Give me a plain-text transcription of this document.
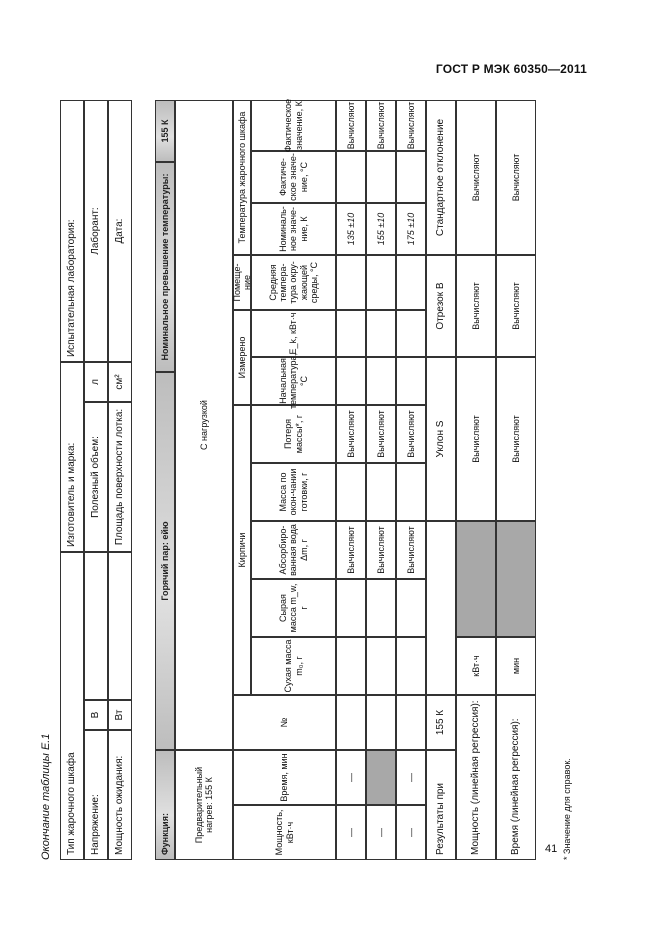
ГОСТ Р МЭК 60350—2011
41
Окончание таблицы Е.1	Тип жарочного шкафа
Изготовитель и марка:
Испытательная лаборатория:
Напряжение:
В
Полезный объем:
л
Лаборант:
Мощность ожидания:
Вт
Площадь поверхности лотка:
см²
Дата:
Функция:
Горячий пар: ейю
Номинальное превышение температуры:
155 К
Предварительный нагрев: 155 К
С нагрузкой
Мощность, кВт·ч
Время, мин
№
Кирпичи
Измерено
Помеще-ние
Температура жарочного шкафа
Сухая масса m₀, г
Сырая масса m_w, г
Абсорбиро-ванная вода Δm, г
Масса по окон-чании готовки, г
Потеря массы*, г
Начальная температура, °С
E_k, кВт·ч
Средняя темпера-тура окру-жающей среды, °С
Номиналь-ное значе-ние, К
Фактиче-ское значе-ние, °С
Фактическое значение, К
—
—
Вычисляют
Вычисляют
135 ±10
Вычисляют
—
Вычисляют
Вычисляют
155 ±10
Вычисляют
—
—
Вычисляют
Вычисляют
175 ±10
Вычисляют
Результаты при
155 К
Уклон S
Отрезок B
Стандартное отклонение
Мощность (линейная регрессия):
кВт·ч
Вычисляют
Вычисляют
Вычисляют
Время (линейная регрессия):
мин
Вычисляют
Вычисляют
Вычисляют
* Значение для справок.
